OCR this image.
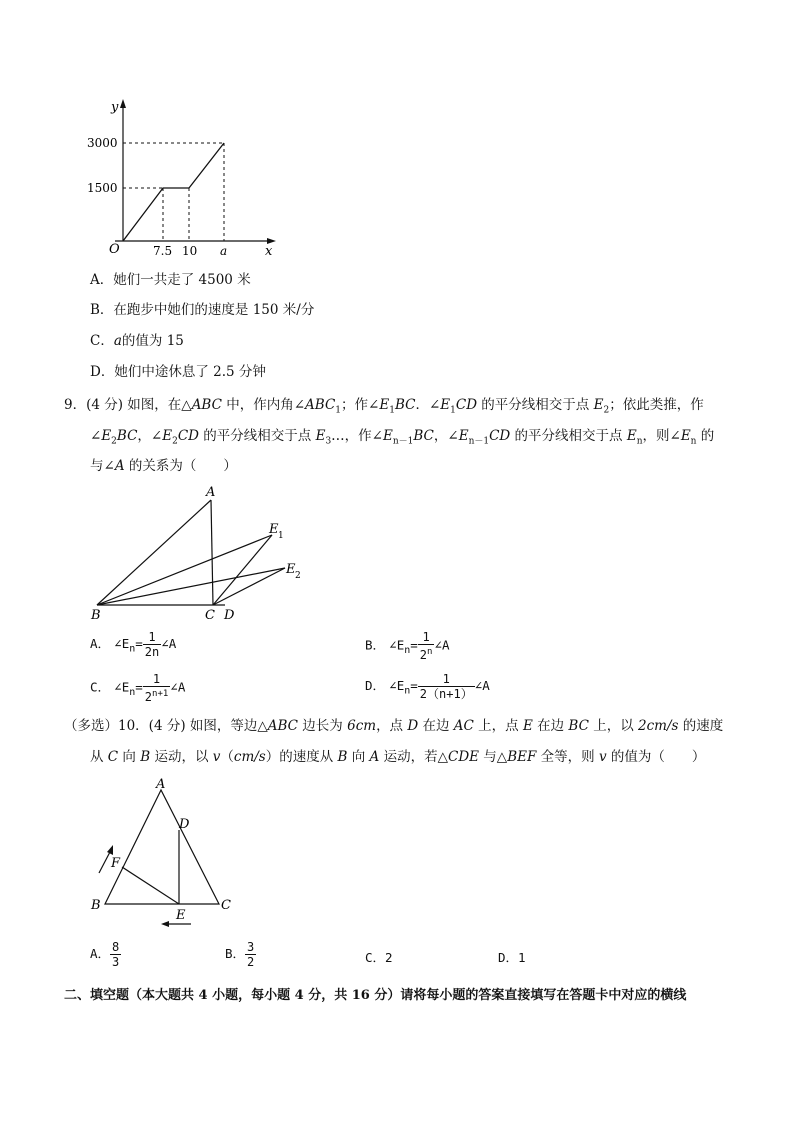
y
x
O
3000
1500
7.5 10 a
A．她们一共走了 4500 米
B．在跑步中她们的速度是 150 米/分
C．a的值为 15
D．她们中途休息了 2.5 分钟
9．(4 分) 如图，在△ABC 中，作内角$\angle ABC_1$；作$\angle E_1BC$．$\angle E_1CD$ 的平分线相交于点 $E_2$；依此类推，作
$\angle E_2BC$，$\angle E_2CD$ 的平分线相交于点 $E_3\dots$，作$\angle E_{n-1}BC$，$\angle E_{n-1}CD$ 的平分线相交于点 $E_n$，则$\angle E_n$ 的
与∠A 的关系为（　　）
A
B	C D
E 1
E 2
A． $\angle E_n= \frac{1}{2n}$ ∠A	B． $\angle E_n= \frac{1}{2^n}$ ∠A
C． $\angle E_n= \frac{1}{2^{n+1}}$ ∠A	D． $\angle E_n= \frac{1}{2(n+1)}$ ∠A
（多选）10．(4 分) 如图，等边△ABC 边长为 6cm，点 D 在边 AC 上，点 E 在边 BC 上，以 2cm/s 的速度
从 C 向 B 运动，以 v（cm/s）的速度从 B 向 A 运动，若△CDE 与△BEF 全等，则 v 的值为（　　）
A
B	C
D
E
F
A． $\frac{8}{3}$	B． $\frac{3}{2}$	C．2	D．1
二、填空题（本大题共 4 小题，每小题 4 分，共 16 分）请将每小题的答案直接填写在答题卡中对应的横线
